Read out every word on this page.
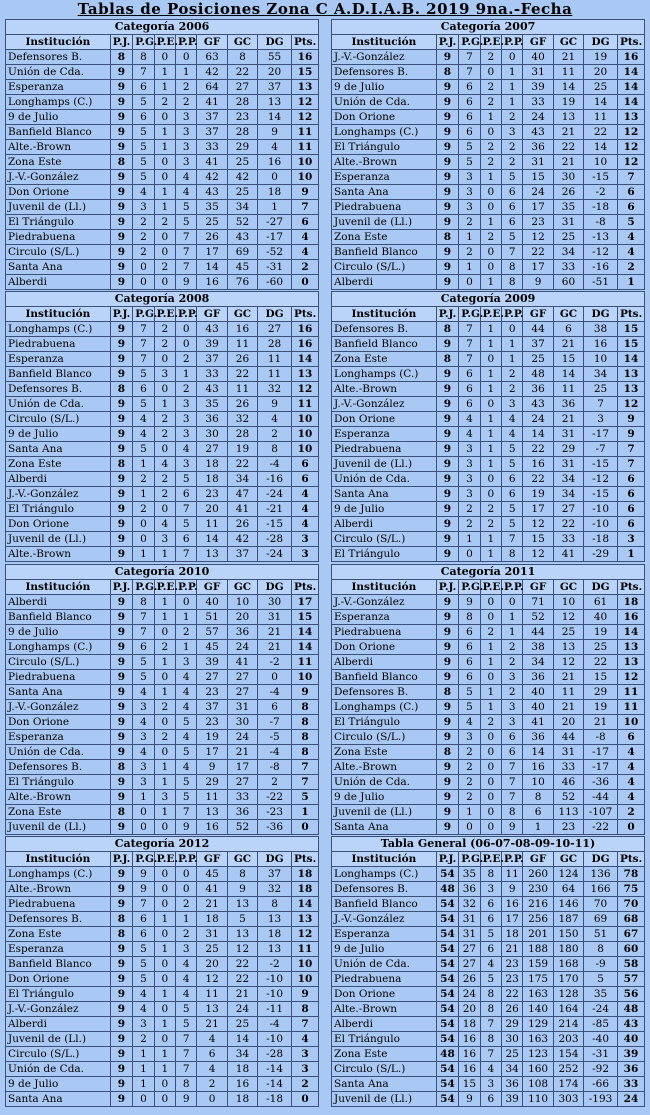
Tablas de Posiciones Zona C A.D.I.A.B. 2019 9na.-Fecha
Categoría 2006
Institución	P.J.	P.G.	P.E.	P.P.	GF	GC	DG	Pts.
Defensores B.	8	8	0	0	63	8	55	16
Unión de Cda.	9	7	1	1	42	22	20	15
Esperanza	9	6	1	2	64	27	37	13
Longhamps (C.)	9	5	2	2	41	28	13	12
9 de Julio	9	6	0	3	37	23	14	12
Banfield Blanco	9	5	1	3	37	28	9	11
Alte.-Brown	9	5	1	3	33	29	4	11
Zona Este	8	5	0	3	41	25	16	10
J.-V.-González	9	5	0	4	42	42	0	10
Don Orione	9	4	1	4	43	25	18	9
Juvenil de (Ll.)	9	3	1	5	35	34	1	7
El Triángulo	9	2	2	5	25	52	-27	6
Piedrabuena	9	2	0	7	26	43	-17	4
Circulo (S/L.)	9	2	0	7	17	69	-52	4
Santa Ana	9	0	2	7	14	45	-31	2
Alberdi	9	0	0	9	16	76	-60	0
Categoría 2007
Institución	P.J.	P.G.	P.E.	P.P.	GF	GC	DG	Pts.
J.-V.-González	9	7	2	0	40	21	19	16
Defensores B.	8	7	0	1	31	11	20	14
9 de Julio	9	6	2	1	39	14	25	14
Unión de Cda.	9	6	2	1	33	19	14	14
Don Orione	9	6	1	2	24	13	11	13
Longhamps (C.)	9	6	0	3	43	21	22	12
El Triángulo	9	5	2	2	36	22	14	12
Alte.-Brown	9	5	2	2	31	21	10	12
Esperanza	9	3	1	5	15	30	-15	7
Santa Ana	9	3	0	6	24	26	-2	6
Piedrabuena	9	3	0	6	17	35	-18	6
Juvenil de (Ll.)	9	2	1	6	23	31	-8	5
Zona Este	8	1	2	5	12	25	-13	4
Banfield Blanco	9	2	0	7	22	34	-12	4
Circulo (S/L.)	9	1	0	8	17	33	-16	2
Alberdi	9	0	1	8	9	60	-51	1
Categoría 2008
Institución	P.J.	P.G.	P.E.	P.P.	GF	GC	DG	Pts.
Longhamps (C.)	9	7	2	0	43	16	27	16
Piedrabuena	9	7	2	0	39	11	28	16
Esperanza	9	7	0	2	37	26	11	14
Banfield Blanco	9	5	3	1	33	22	11	13
Defensores B.	8	6	0	2	43	11	32	12
Unión de Cda.	9	5	1	3	35	26	9	11
Circulo (S/L.)	9	4	2	3	36	32	4	10
9 de Julio	9	4	2	3	30	28	2	10
Santa Ana	9	5	0	4	27	19	8	10
Zona Este	8	1	4	3	18	22	-4	6
Alberdi	9	2	2	5	18	34	-16	6
J.-V.-González	9	1	2	6	23	47	-24	4
El Triángulo	9	2	0	7	20	41	-21	4
Don Orione	9	0	4	5	11	26	-15	4
Juvenil de (Ll.)	9	0	3	6	14	42	-28	3
Alte.-Brown	9	1	1	7	13	37	-24	3
Categoría 2009
Institución	P.J.	P.G.	P.E.	P.P.	GF	GC	DG	Pts.
Defensores B.	8	7	1	0	44	6	38	15
Banfield Blanco	9	7	1	1	37	21	16	15
Zona Este	8	7	0	1	25	15	10	14
Longhamps (C.)	9	6	1	2	48	14	34	13
Alte.-Brown	9	6	1	2	36	11	25	13
J.-V.-González	9	6	0	3	43	36	7	12
Don Orione	9	4	1	4	24	21	3	9
Esperanza	9	4	1	4	14	31	-17	9
Piedrabuena	9	3	1	5	22	29	-7	7
Juvenil de (Ll.)	9	3	1	5	16	31	-15	7
Unión de Cda.	9	3	0	6	22	34	-12	6
Santa Ana	9	3	0	6	19	34	-15	6
9 de Julio	9	2	2	5	17	27	-10	6
Alberdi	9	2	2	5	12	22	-10	6
Circulo (S/L.)	9	1	1	7	15	33	-18	3
El Triángulo	9	0	1	8	12	41	-29	1
Categoría 2010
Institución	P.J.	P.G.	P.E.	P.P.	GF	GC	DG	Pts.
Alberdi	9	8	1	0	40	10	30	17
Banfield Blanco	9	7	1	1	51	20	31	15
9 de Julio	9	7	0	2	57	36	21	14
Longhamps (C.)	9	6	2	1	45	24	21	14
Circulo (S/L.)	9	5	1	3	39	41	-2	11
Piedrabuena	9	5	0	4	27	27	0	10
Santa Ana	9	4	1	4	23	27	-4	9
J.-V.-González	9	3	2	4	37	31	6	8
Don Orione	9	4	0	5	23	30	-7	8
Esperanza	9	3	2	4	19	24	-5	8
Unión de Cda.	9	4	0	5	17	21	-4	8
Defensores B.	8	3	1	4	9	17	-8	7
El Triángulo	9	3	1	5	29	27	2	7
Alte.-Brown	9	1	3	5	11	33	-22	5
Zona Este	8	0	1	7	13	36	-23	1
Juvenil de (Ll.)	9	0	0	9	16	52	-36	0
Categoría 2011
Institución	P.J.	P.G.	P.E.	P.P.	GF	GC	DG	Pts.
J.-V.-González	9	9	0	0	71	10	61	18
Esperanza	9	8	0	1	52	12	40	16
Piedrabuena	9	6	2	1	44	25	19	14
Don Orione	9	6	1	2	38	13	25	13
Alberdi	9	6	1	2	34	12	22	13
Banfield Blanco	9	6	0	3	36	21	15	12
Defensores B.	8	5	1	2	40	11	29	11
Longhamps (C.)	9	5	1	3	40	21	19	11
El Triángulo	9	4	2	3	41	20	21	10
Circulo (S/L.)	9	3	0	6	36	44	-8	6
Zona Este	8	2	0	6	14	31	-17	4
Alte.-Brown	9	2	0	7	16	33	-17	4
Unión de Cda.	9	2	0	7	10	46	-36	4
9 de Julio	9	2	0	7	8	52	-44	4
Juvenil de (Ll.)	9	1	0	8	6	113	-107	2
Santa Ana	9	0	0	9	1	23	-22	0
Categoría 2012
Institución	P.J.	P.G.	P.E.	P.P.	GF	GC	DG	Pts.
Longhamps (C.)	9	9	0	0	45	8	37	18
Alte.-Brown	9	9	0	0	41	9	32	18
Piedrabuena	9	7	0	2	21	13	8	14
Defensores B.	8	6	1	1	18	5	13	13
Zona Este	8	6	0	2	31	13	18	12
Esperanza	9	5	1	3	25	12	13	11
Banfield Blanco	9	5	0	4	20	22	-2	10
Don Orione	9	5	0	4	12	22	-10	10
El Triángulo	9	4	1	4	11	21	-10	9
J.-V.-González	9	4	0	5	13	24	-11	8
Alberdi	9	3	1	5	21	25	-4	7
Juvenil de (Ll.)	9	2	0	7	4	14	-10	4
Circulo (S/L.)	9	1	1	7	6	34	-28	3
Unión de Cda.	9	1	1	7	4	18	-14	3
9 de Julio	9	1	0	8	2	16	-14	2
Santa Ana	9	0	0	9	0	18	-18	0
Tabla General (06-07-08-09-10-11)
Institución	P.J.	P.G.	P.E.	P.P.	GF	GC	DG	Pts.
Longhamps (C.)	54	35	8	11	260	124	136	78
Defensores B.	48	36	3	9	230	64	166	75
Banfield Blanco	54	32	6	16	216	146	70	70
J.-V.-González	54	31	6	17	256	187	69	68
Esperanza	54	31	5	18	201	150	51	67
9 de Julio	54	27	6	21	188	180	8	60
Unión de Cda.	54	27	4	23	159	168	-9	58
Piedrabuena	54	26	5	23	175	170	5	57
Don Orione	54	24	8	22	163	128	35	56
Alte.-Brown	54	20	8	26	140	164	-24	48
Alberdi	54	18	7	29	129	214	-85	43
El Triángulo	54	16	8	30	163	203	-40	40
Zona Este	48	16	7	25	123	154	-31	39
Circulo (S/L.)	54	16	4	34	160	252	-92	36
Santa Ana	54	15	3	36	108	174	-66	33
Juvenil de (Ll.)	54	9	6	39	110	303	-193	24
